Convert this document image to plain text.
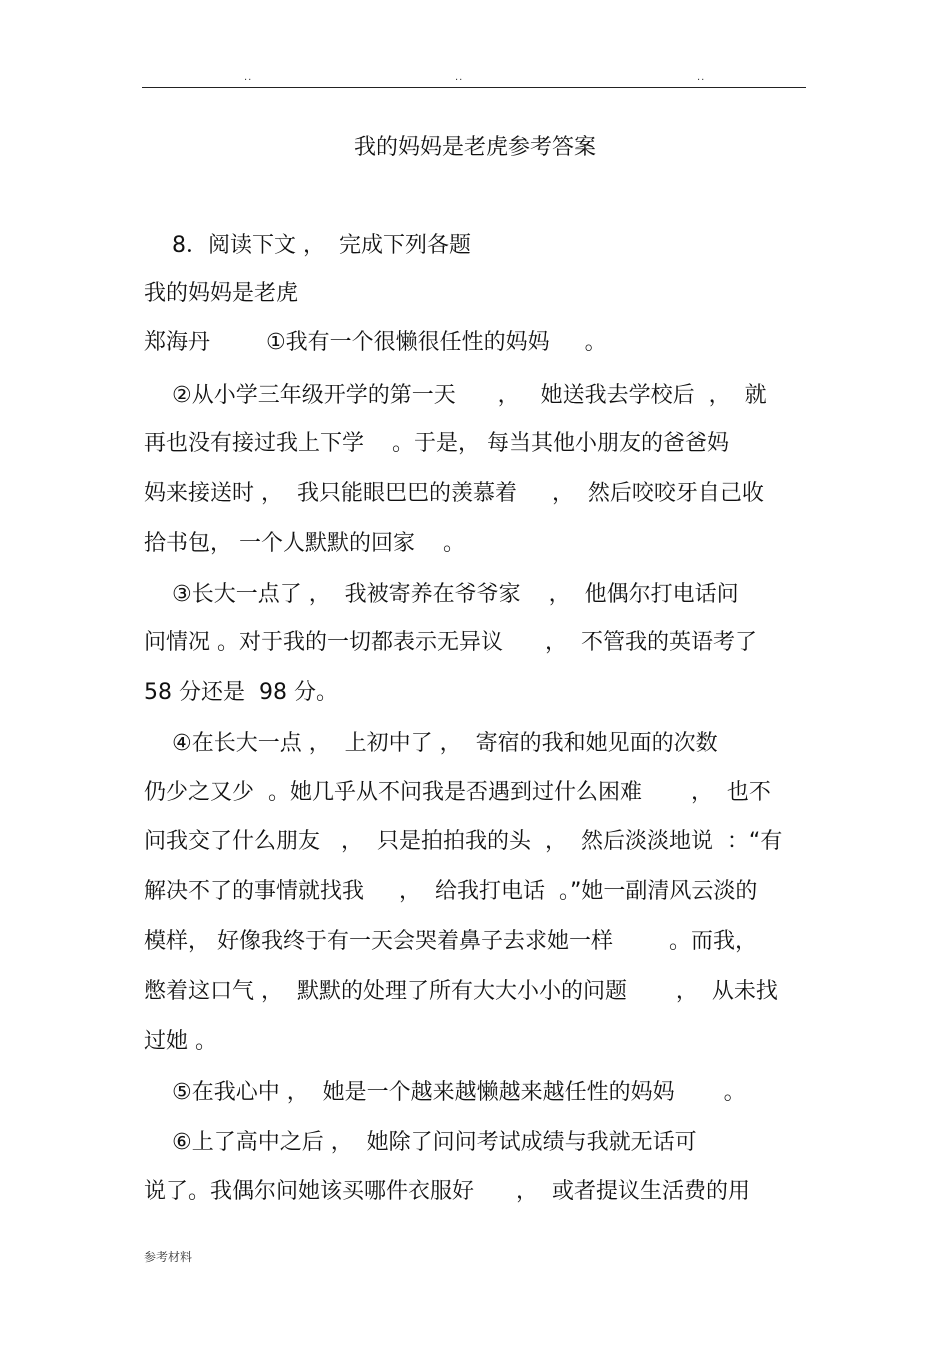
..	..	..
我的妈妈是老虎参考答案
8．阅读下文 ，  完成下列各题
我的妈妈是老虎
郑海丹        ①我有一个很懒很任性的妈妈     。
②从小学三年级开学的第一天      ，   她送我去学校后  ，  就
再也没有接过我上下学    。于是， 每当其他小朋友的爸爸妈
妈来接送时 ，  我只能眼巴巴的羡慕着     ，  然后咬咬牙自己收
拾书包， 一个人默默的回家    。
③长大一点了 ，  我被寄养在爷爷家    ，  他偶尔打电话问
问情况 。对于我的一切都表示无异议      ，  不管我的英语考了
58 分还是  98 分。
④在长大一点 ，  上初中了 ，  寄宿的我和她见面的次数
仍少之又少  。她几乎从不问我是否遇到过什么困难       ，  也不
问我交了什么朋友   ，  只是拍拍我的头  ，  然后淡淡地说  ：“有
解决不了的事情就找我     ，  给我打电话  。”她一副清风云淡的
模样， 好像我终于有一天会哭着鼻子去求她一样        。而我，
憋着这口气 ，  默默的处理了所有大大小小的问题       ，  从未找
过她 。
⑤在我心中 ，  她是一个越来越懒越来越任性的妈妈       。
⑥上了高中之后 ，  她除了问问考试成绩与我就无话可
说了。我偶尔问她该买哪件衣服好      ，  或者提议生活费的用
参考材料
